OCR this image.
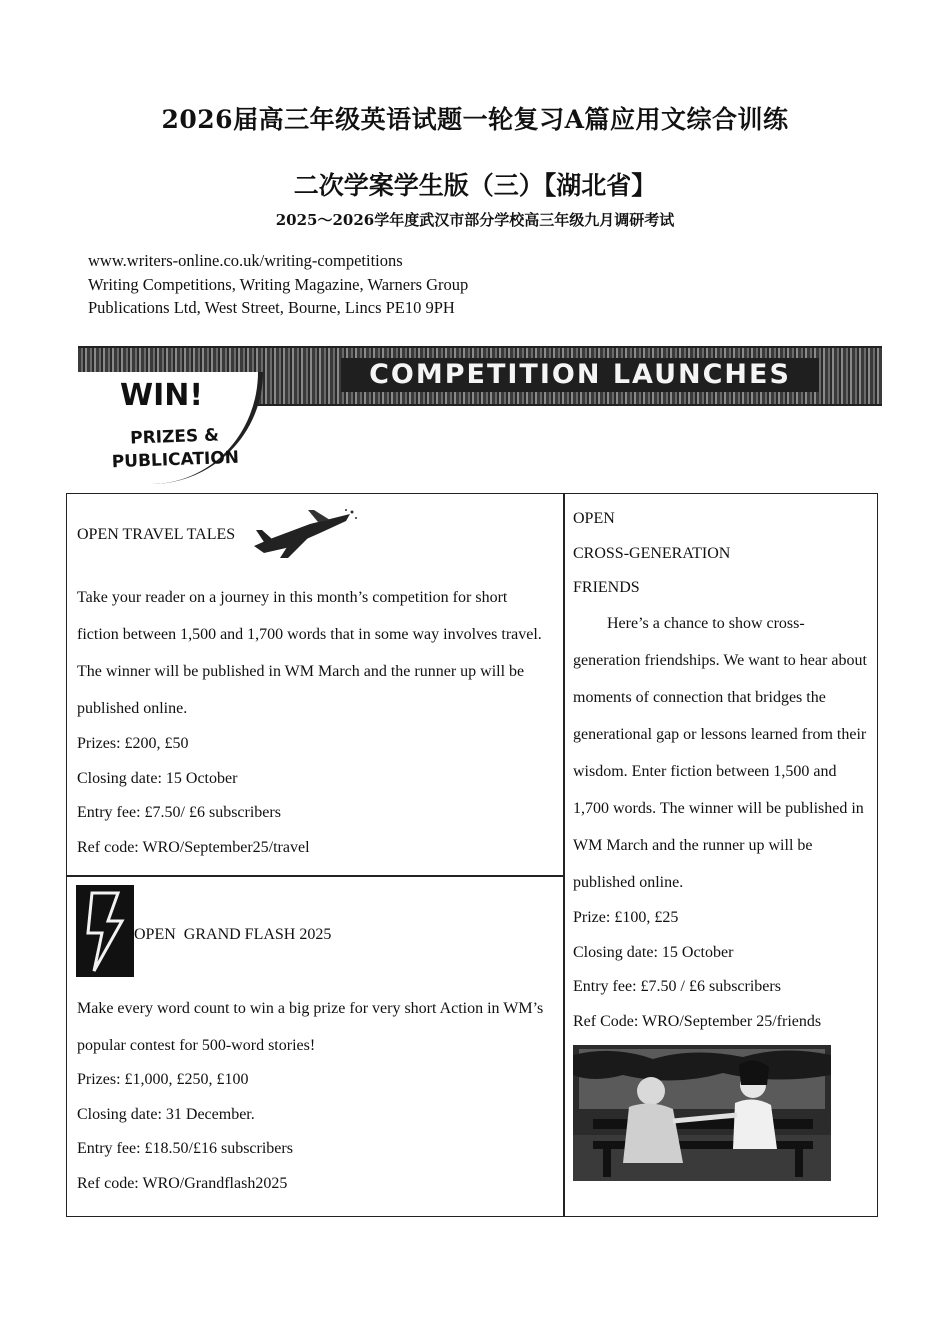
2026届高三年级英语试题一轮复习A篇应用文综合训练
二次学案学生版（三）【湖北省】
2025～2026学年度武汉市部分学校高三年级九月调研考试
www.writers-online.co.uk/writing-competitions
Writing Competitions, Writing Magazine, Warners Group
Publications Ltd, West Street, Bourne, Lincs PE10 9PH
COMPETITION LAUNCHES
WIN!
PRIZES &
PUBLICATION
OPEN TRAVEL TALES
Take your reader on a journey in this month’s competition for short fiction between 1,500 and 1,700 words that in some way involves travel. The winner will be published in WM March and the runner up will be published online.
Prizes: £200, £50
Closing date: 15 October
Entry fee: £7.50/ £6 subscribers
Ref code: WRO/September25/travel
OPEN  GRAND FLASH 2025
Make every word count to win a big prize for very short Action in WM’s popular contest for 500-word stories!
Prizes: £1,000, £250, £100
Closing date: 31 December.
Entry fee: £18.50/£16 subscribers
Ref code: WRO/Grandflash2025
OPEN
CROSS-GENERATION
FRIENDS
Here’s a chance to show cross-generation friendships. We want to hear about moments of connection that bridges the generational gap or lessons learned from their wisdom. Enter fiction between 1,500 and 1,700 words. The winner will be published in WM March and the runner up will be published online.
Prize: £100, £25
Closing date: 15 October
Entry fee: £7.50 / £6 subscribers
Ref Code: WRO/September 25/friends
